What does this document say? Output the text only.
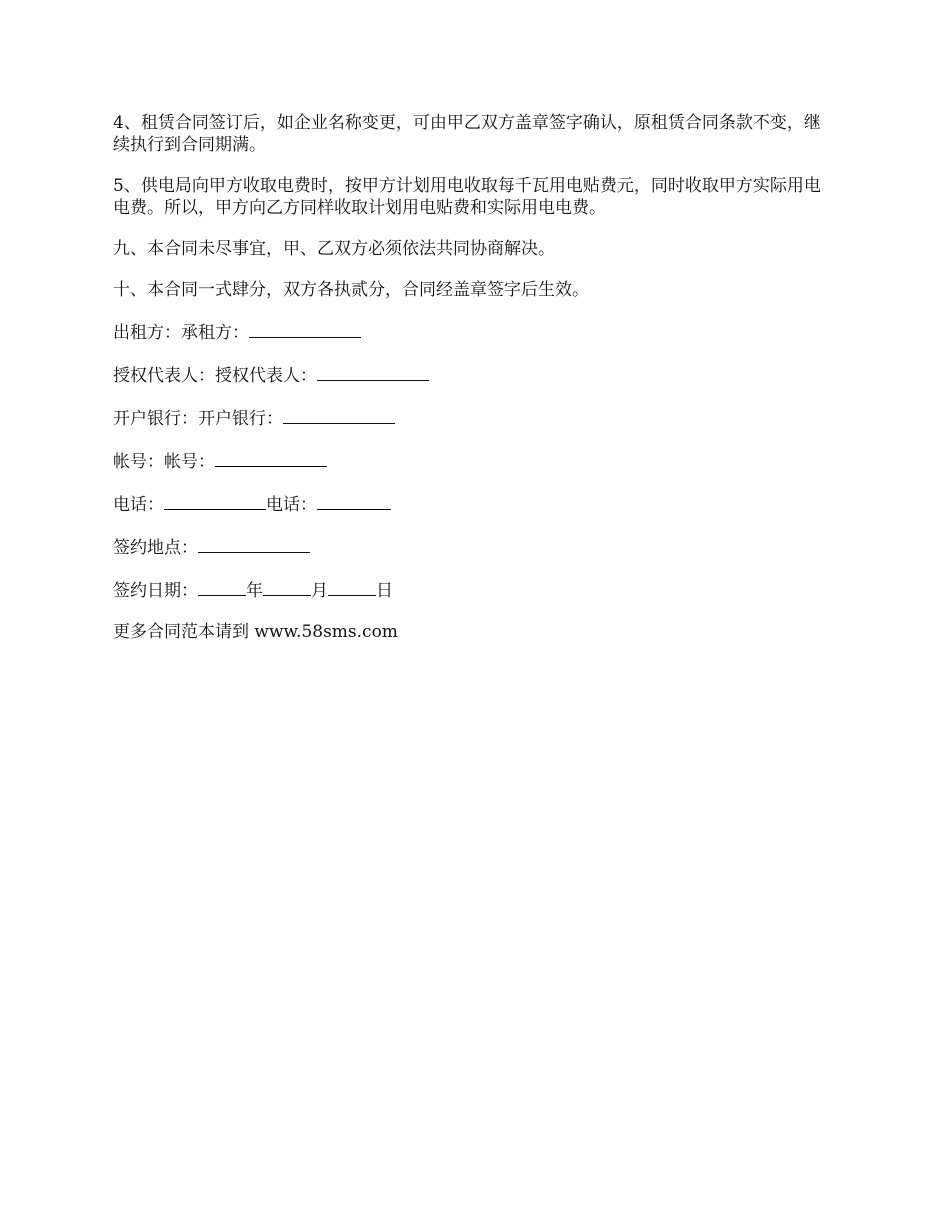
4、租赁合同签订后，如企业名称变更，可由甲乙双方盖章签字确认，原租赁合同条款不变，继续执行到合同期满。

5、供电局向甲方收取电费时，按甲方计划用电收取每千瓦用电贴费元，同时收取甲方实际用电电费。所以，甲方向乙方同样收取计划用电贴费和实际用电电费。

九、本合同未尽事宜，甲、乙双方必须依法共同协商解决。

十、本合同一式肆分，双方各执贰分，合同经盖章签字后生效。

出租方：承租方：
授权代表人：授权代表人：
开户银行：开户银行：
帐号：帐号：
电话：	电话：
签约地点：
签约日期：	年	月	日
更多合同范本请到 www.58sms.com
